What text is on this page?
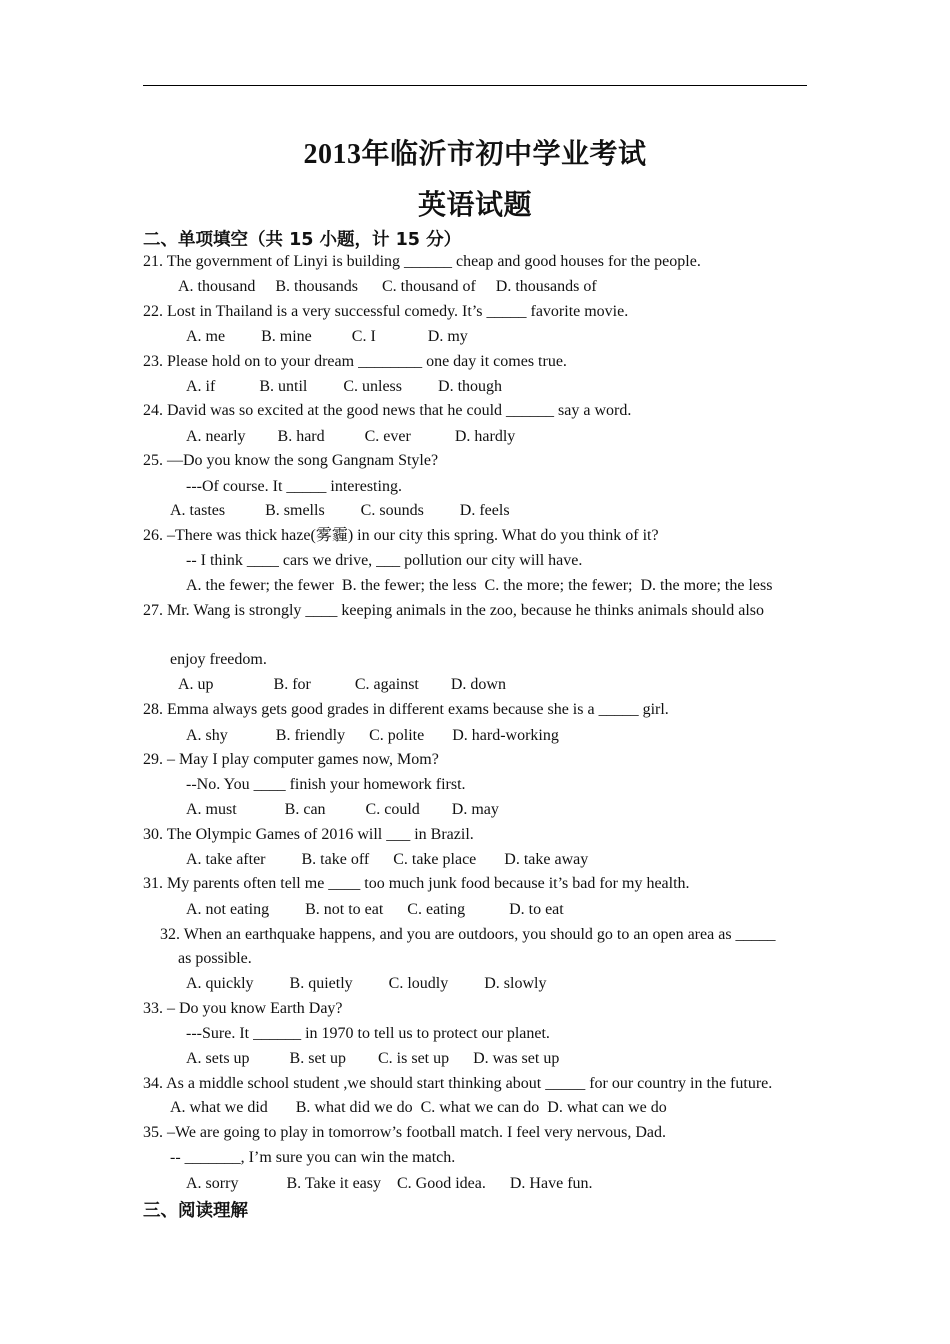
2013年临沂市初中学业考试
英语试题
二、单项填空（共 15 小题，计 15 分）
21. The government of Linyi is building ______ cheap and good houses for the people.
A. thousand     B. thousands      C. thousand of     D. thousands of
22. Lost in Thailand is a very successful comedy. It’s _____ favorite movie.
A. me         B. mine          C. I             D. my
23. Please hold on to your dream ________ one day it comes true.
A. if           B. until         C. unless         D. though
24. David was so excited at the good news that he could ______ say a word.
A. nearly        B. hard          C. ever           D. hardly
25. —Do you know the song Gangnam Style?
---Of course. It _____ interesting.
A. tastes          B. smells         C. sounds         D. feels
26. –There was thick haze(雾霾) in our city this spring. What do you think of it?
-- I think ____ cars we drive, ___ pollution our city will have.
A. the fewer; the fewer  B. the fewer; the less  C. the more; the fewer;  D. the more; the less
27. Mr. Wang is strongly ____ keeping animals in the zoo, because he thinks animals should also
enjoy freedom.
A. up               B. for           C. against        D. down
28. Emma always gets good grades in different exams because she is a _____ girl.
A. shy            B. friendly      C. polite       D. hard-working
29. – May I play computer games now, Mom?
--No. You ____ finish your homework first.
A. must            B. can          C. could        D. may
30. The Olympic Games of 2016 will ___ in Brazil.
A. take after         B. take off      C. take place       D. take away
31. My parents often tell me ____ too much junk food because it’s bad for my health.
A. not eating         B. not to eat      C. eating           D. to eat
32. When an earthquake happens, and you are outdoors, you should go to an open area as _____
as possible.
A. quickly         B. quietly         C. loudly         D. slowly
33. – Do you know Earth Day?
---Sure. It ______ in 1970 to tell us to protect our planet.
A. sets up          B. set up        C. is set up      D. was set up
34. As a middle school student ,we should start thinking about _____ for our country in the future.
A. what we did       B. what did we do  C. what we can do  D. what can we do
35. –We are going to play in tomorrow’s football match. I feel very nervous, Dad.
-- _______, I’m sure you can win the match.
A. sorry            B. Take it easy    C. Good idea.      D. Have fun.
三、阅读理解
